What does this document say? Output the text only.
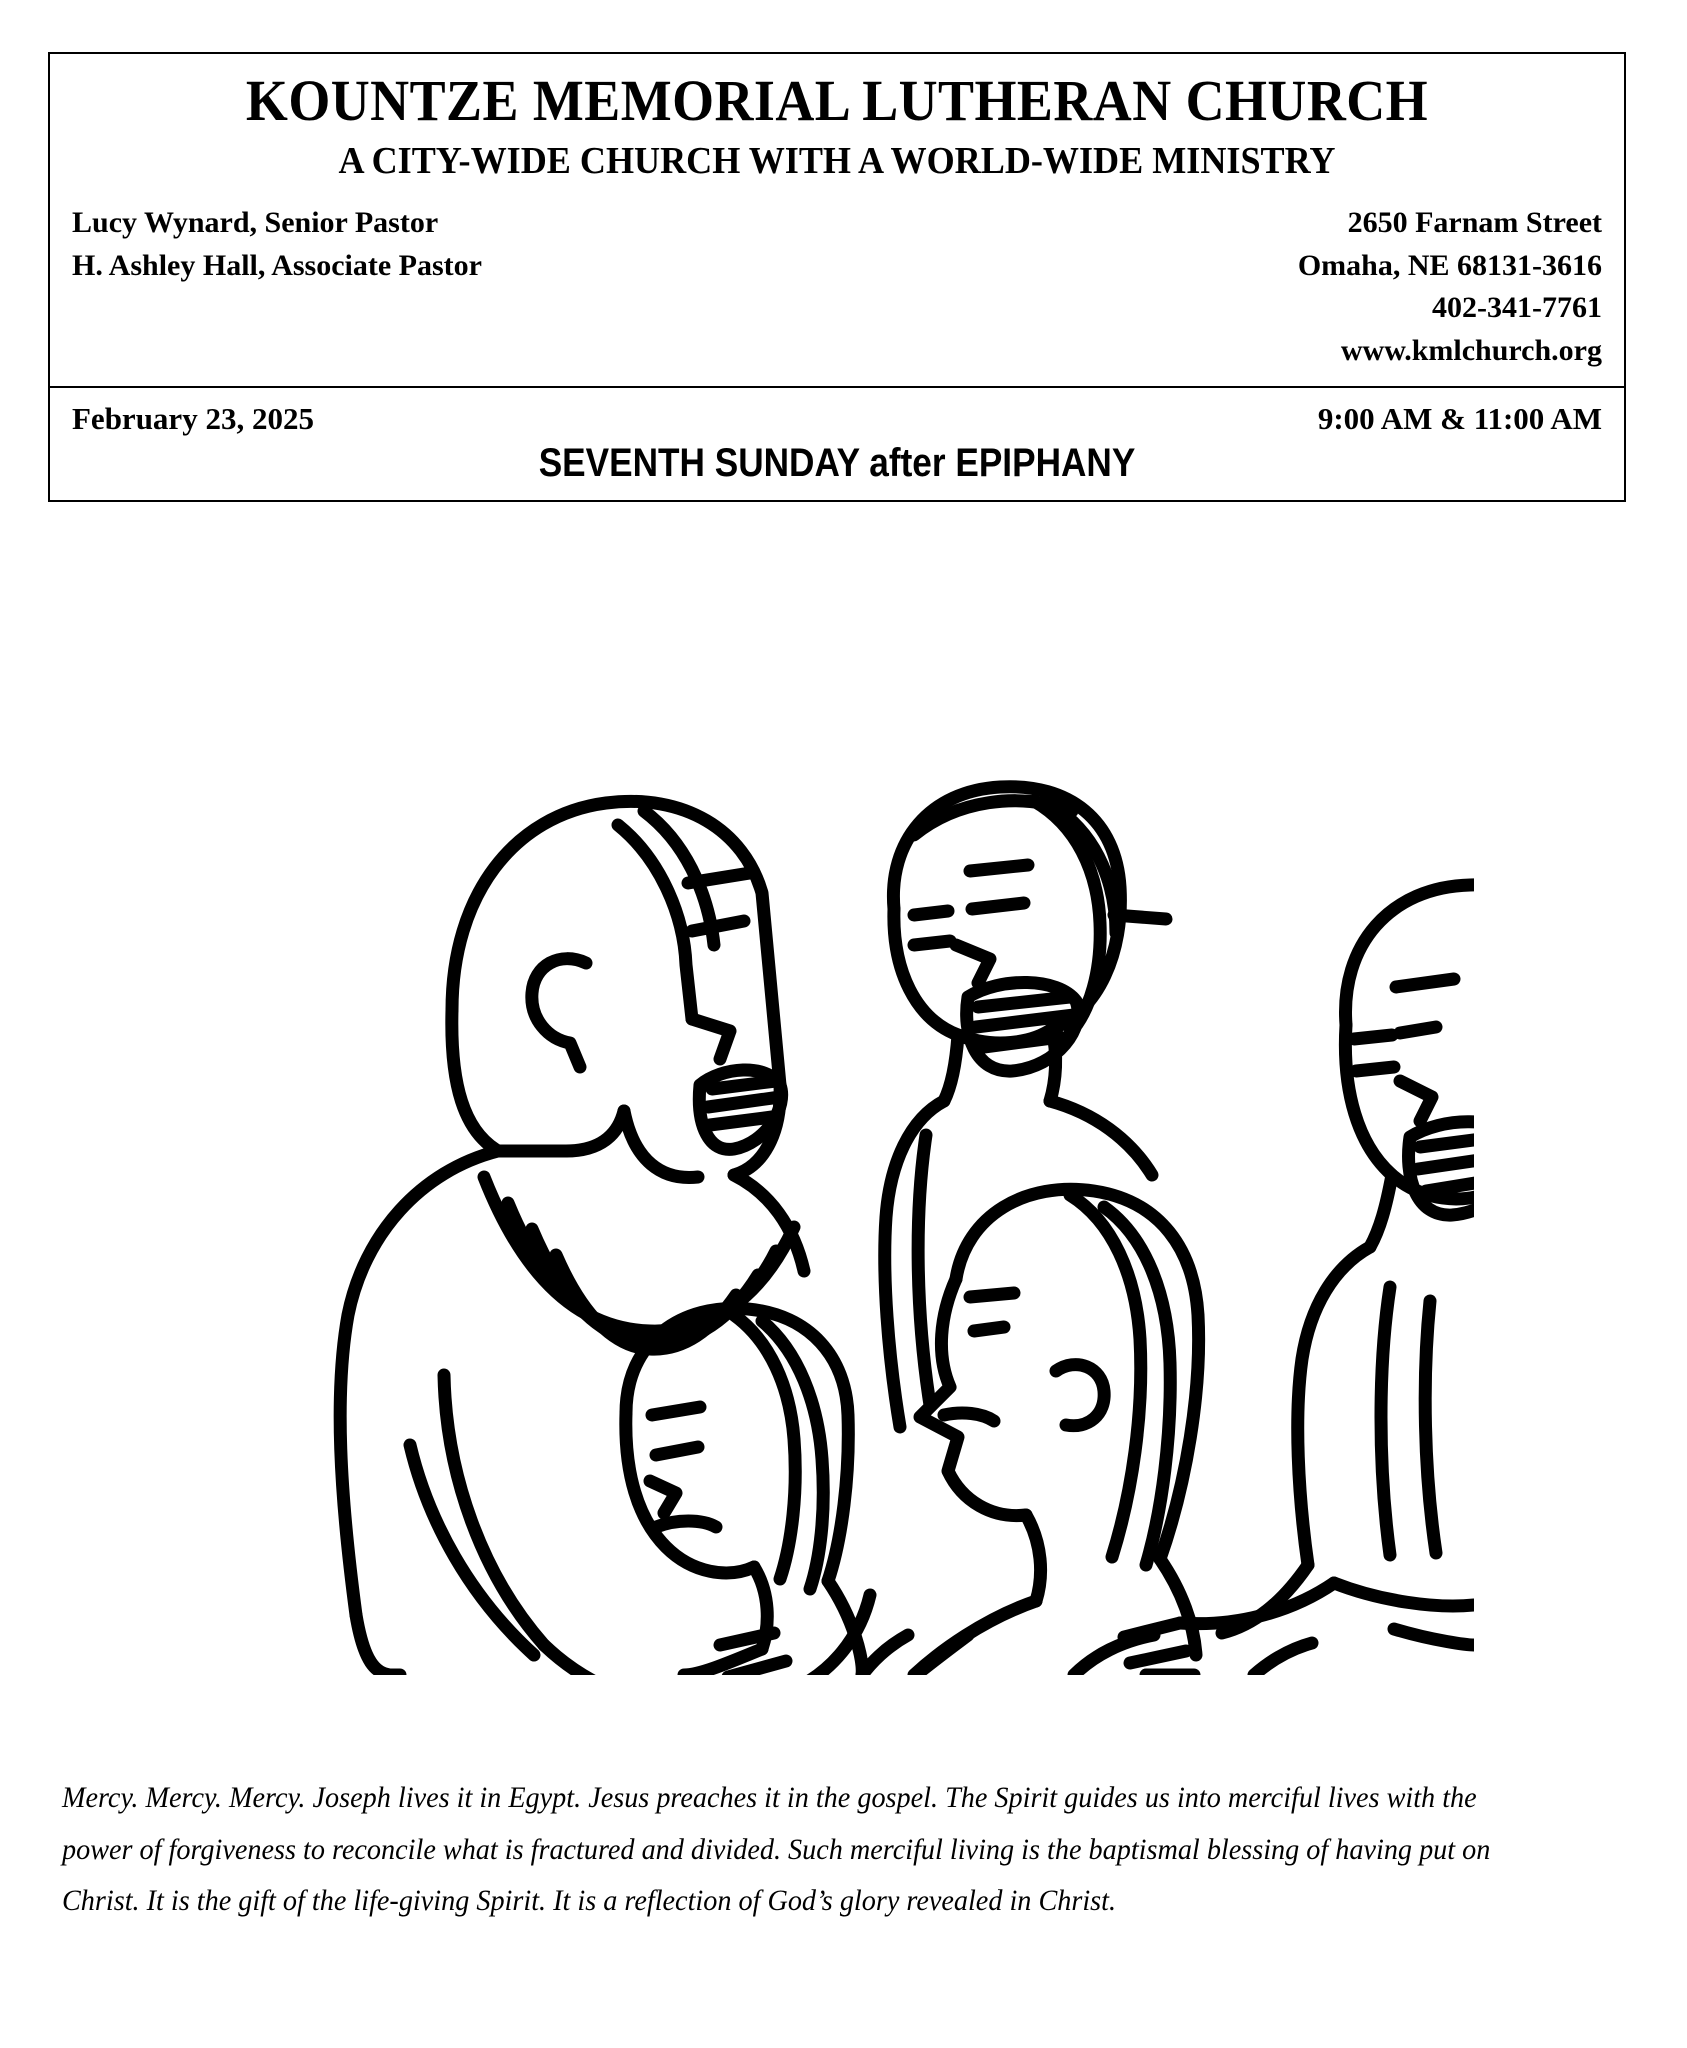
KOUNTZE MEMORIAL LUTHERAN CHURCH
A CITY-WIDE CHURCH WITH A WORLD-WIDE MINISTRY
Lucy Wynard, Senior Pastor
H. Ashley Hall, Associate Pastor
2650 Farnam Street
Omaha, NE 68131-3616
402-341-7761
www.kmlchurch.org
February 23, 2025	9:00 AM & 11:00 AM
SEVENTH SUNDAY after EPIPHANY
Mercy. Mercy. Mercy. Joseph lives it in Egypt. Jesus preaches it in the gospel. The Spirit guides us into merciful lives with the power of forgiveness to reconcile what is fractured and divided. Such merciful living is the baptismal blessing of having put on Christ. It is the gift of the life-giving Spirit. It is a reflection of God’s glory revealed in Christ.
